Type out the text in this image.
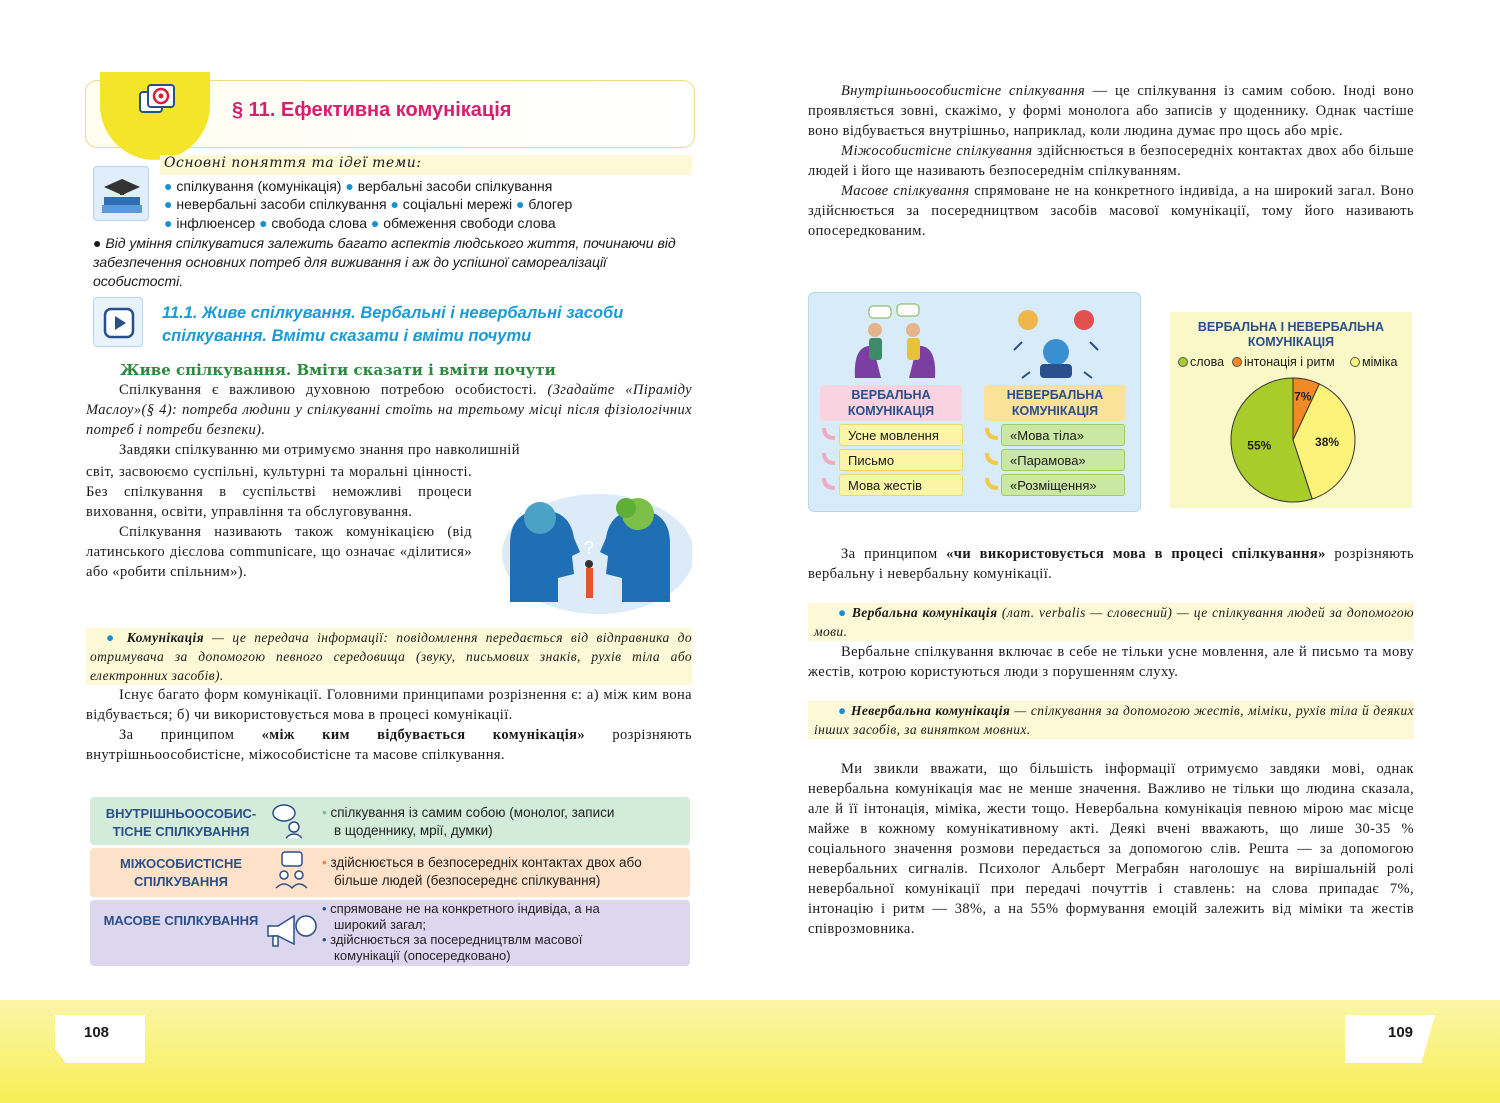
108	109
§ 11. Ефективна комунікація
Основні поняття та ідеї теми:
● спілкування (комунікація) ● вербальні засоби спілкування
● невербальні засоби спілкування ● соціальні мережі ● блогер
● інфлюенсер ● свобода слова ● обмеження свободи слова
● Від уміння спілкуватися залежить багато аспектів людського життя, починаючи від забезпечення основних потреб для виживання і аж до успішної самореалізації особистості.
11.1. Живе спілкування. Вербальні і невербальні засоби спілкування. Вміти сказати і вміти почути
Живе спілкування. Вміти сказати і вміти почути

Спілкування є важливою духовною потребою особистості. (Згадайте «Піраміду Маслоу»(§ 4): потреба людини у спілкуванні стоїть на третьому місці після фізіологічних потреб і потреби безпеки).

Завдяки спілкуванню ми отримуємо знання про навколишній

світ, засвоюємо суспільні, культурні та моральні цінності. Без спілкування в суспільстві неможливі процеси виховання, освіти, управління та обслуговування.

Спілкування називають також комунікацією (від латинського дієслова communicare, що означає «ділитися» або «робити спільним»).

?
● Комунікація — це передача інформації: повідомлення передається від відправника до отримувача за допомогою певного середовища (звуку, письмових знаків, рухів тіла або електронних засобів).

Існує багато форм комунікації. Головними принципами розрізнення є: а) між ким вона відбувається; б) чи використовується мова в процесі комунікації.

За принципом «між ким відбувається комунікація» розрізняють внутрішньоособистісне, міжособистісне та масове спілкування.

ВНУТРІШНЬООСОБИС-ТІСНЕ СПІЛКУВАННЯ
• спілкування із самим собою (монолог, записи
в щоденнику, мрії, думки)
МІЖОСОБИСТІСНЕ СПІЛКУВАННЯ
• здійснюється в безпосередніх контактах двох або
більше людей (безпосереднє спілкування)
МАСОВЕ СПІЛКУВАННЯ
• спрямоване не на конкретного індивіда, а на
широкий загал;
• здійснюється за посередництвлм масової
комунікації (опосередковано)

Внутрішньоособистісне спілкування — це спілкування із самим собою. Іноді воно проявляється зовні, скажімо, у формі монолога або записів у щоденнику. Однак частіше воно відбувається внутрішньо, наприклад, коли людина думає про щось або мріє.

Міжособистісне спілкування здійснюється в безпосередніх контактах двох або більше людей і його ще називають безпосереднім спілкуванням.

Масове спілкування спрямоване не на конкретного індивіда, а на широкий загал. Воно здійснюється за посередництвом засобів масової комунікації, тому його називають опосередкованим.

ВЕРБАЛЬНА КОМУНІКАЦІЯ
НЕВЕРБАЛЬНА КОМУНІКАЦІЯ
Усне мовлення
Письмо
Мова жестів
«Мова тіла»
«Парамова»
«Розміщення»
ВЕРБАЛЬНА І НЕВЕРБАЛЬНА КОМУНІКАЦІЯ
слова	інтонація і ритм	міміка
7%
38%
55%

За принципом «чи використовується мова в процесі спілкування» розрізняють вербальну і невербальну комунікації.

● Вербальна комунікація (лат. verbalis — словесний) — це спілкування людей за допомогою мови.

Вербальне спілкування включає в себе не тільки усне мовлення, але й письмо та мову жестів, котрою користуються люди з порушенням слуху.

● Невербальна комунікація — спілкування за допомогою жестів, міміки, рухів тіла й деяких інших засобів, за винятком мовних.

Ми звикли вважати, що більшість інформації отримуємо завдяки мові, однак невербальна комунікація має не менше значення. Важливо не тільки що людина сказала, але й її інтонація, міміка, жести тощо. Невербальна комунікація певною мірою має місце майже в кожному комунікативному акті. Деякі вчені вважають, що лише 30-35 % соціального значення розмови передається за допомогою слів. Решта — за допомогою невербальних сигналів. Психолог Альберт Меграбян наголошує на вирішальній ролі невербальної комунікації при передачі почуттів і ставлень: на слова припадає 7%, інтонацію і ритм — 38%, а на 55% формування емоцій залежить від міміки та жестів співрозмовника.
